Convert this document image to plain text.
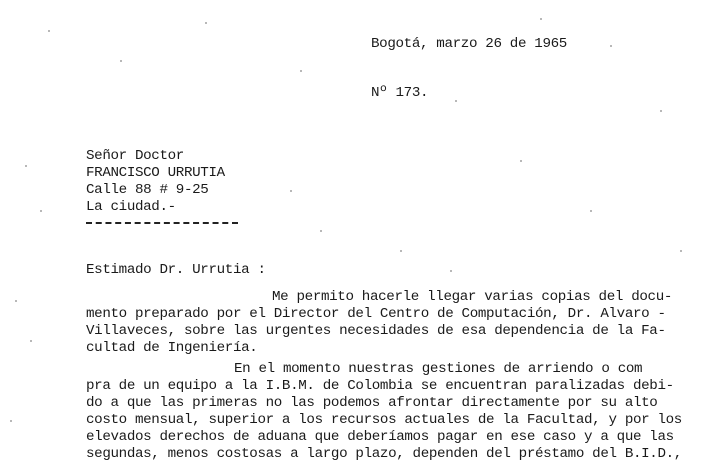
Bogotá, marzo 26 de 1965
Nº 173.
Señor Doctor
FRANCISCO URRUTIA
Calle 88 # 9-25
La ciudad.-
Estimado Dr. Urrutia :
Me permito hacerle llegar varias copias del docu-
mento preparado por el Director del Centro de Computación, Dr. Alvaro -
Villaveces, sobre las urgentes necesidades de esa dependencia de la Fa-
cultad de Ingeniería.
En el momento nuestras gestiones de arriendo o com
pra de un equipo a la I.B.M. de Colombia se encuentran paralizadas debi-
do a que las primeras no las podemos afrontar directamente por su alto
costo mensual, superior a los recursos actuales de la Facultad, y por los
elevados derechos de aduana que deberíamos pagar en ese caso y a que las
segundas, menos costosas a largo plazo, dependen del préstamo del B.I.D.,
